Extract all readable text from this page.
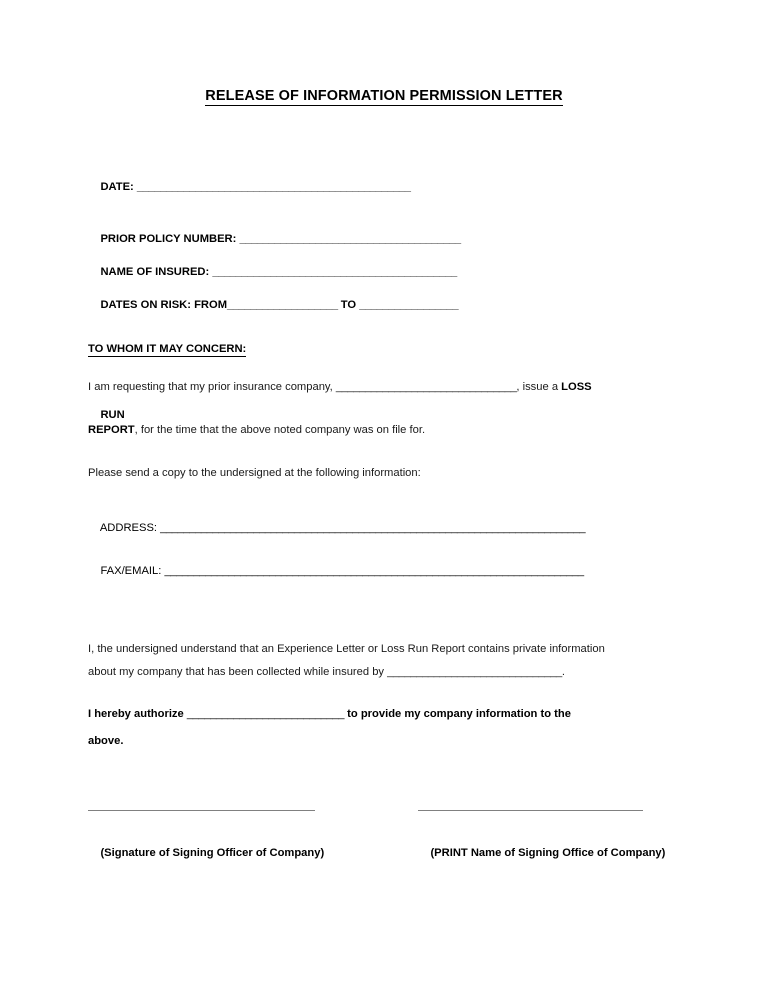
RELEASE OF INFORMATION PERMISSION LETTER

DATE: _______________________________________________

PRIOR POLICY NUMBER: ______________________________________

NAME OF INSURED: __________________________________________

DATES ON RISK: FROM___________________ TO _________________

TO WHOM IT MAY CONCERN:
I am requesting that my prior insurance company, _______________________________, issue a LOSS

RUN

REPORT, for the time that the above noted company was on file for.
Please send a copy to the undersigned at the following information:

ADDRESS: _________________________________________________________________________

FAX/EMAIL: ________________________________________________________________________

I, the undersigned understand that an Experience Letter or Loss Run Report contains private information
about my company that has been collected while insured by ______________________________.
I hereby authorize ___________________________ to provide my company information to the
above.

(Signature of Signing Officer of Company)
	(PRINT Name of Signing Office of Company)
